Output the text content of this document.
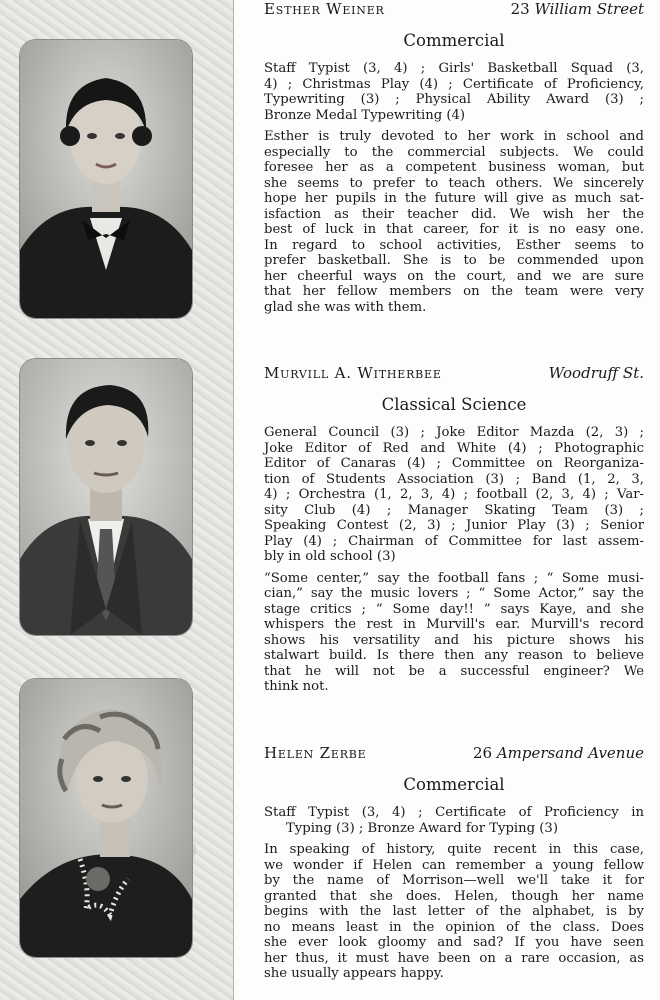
Esther Weiner	23 William Street
Commercial
Staff Typist (3, 4) ; Girls' Basketball Squad (3,
4) ; Christmas Play (4) ; Certificate of Proficiency,
Typewriting (3) ; Physical Ability Award (3) ;
Bronze Medal Typewriting (4)
Esther is truly devoted to her work in school and
especially to the commercial subjects. We could
foresee her as a competent business woman, but
she seems to prefer to teach others. We sincerely
hope her pupils in the future will give as much sat-
isfaction as their teacher did. We wish her the
best of luck in that career, for it is no easy one.
In regard to school activities, Esther seems to
prefer basketball. She is to be commended upon
her cheerful ways on the court, and we are sure
that her fellow members on the team were very
glad she was with them.
Murvill A. Witherbee	Woodruff St.
Classical Science
General Council (3) ; Joke Editor Mazda (2, 3) ;
Joke Editor of Red and White (4) ; Photographic
Editor of Canaras (4) ; Committee on Reorganiza-
tion of Students Association (3) ; Band (1, 2, 3,
4) ; Orchestra (1, 2, 3, 4) ; football (2, 3, 4) ; Var-
sity Club (4) ; Manager Skating Team (3) ;
Speaking Contest (2, 3) ; Junior Play (3) ; Senior
Play (4) ; Chairman of Committee for last assem-
bly in old school (3)
“Some center,” say the football fans ; “ Some musi-
cian,” say the music lovers ; “ Some Actor,” say the
stage critics ; “ Some day!! ” says Kaye, and she
whispers the rest in Murvill's ear. Murvill's record
shows his versatility and his picture shows his
stalwart build. Is there then any reason to believe
that he will not be a successful engineer? We
think not.
Helen Zerbe	26 Ampersand Avenue
Commercial
Staff Typist (3, 4) ; Certificate of Proficiency in
Typing (3) ; Bronze Award for Typing (3)
In speaking of history, quite recent in this case,
we wonder if Helen can remember a young fellow
by the name of Morrison—well we'll take it for
granted that she does. Helen, though her name
begins with the last letter of the alphabet, is by
no means least in the opinion of the class. Does
she ever look gloomy and sad? If you have seen
her thus, it must have been on a rare occasion, as
she usually appears happy.
